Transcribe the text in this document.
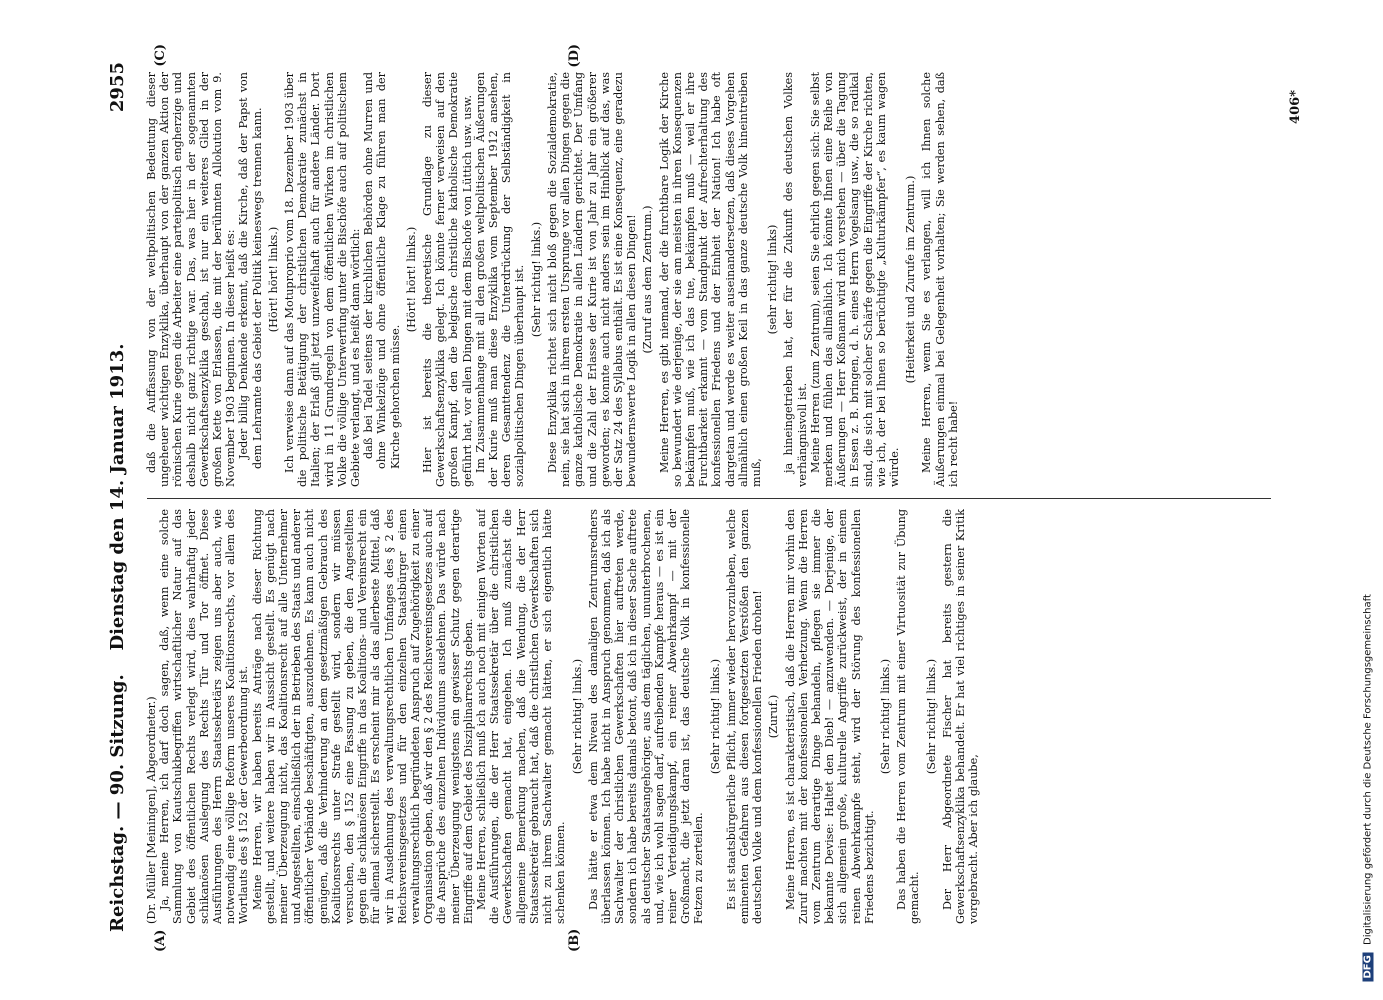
Reichstag. — 90. Sitzung.
Dienstag den 14. Januar 1913.
2955
(A)	(B)
(C)	(D)

(Dr. Müller [Meiningen], Abgeordneter.) Ja, meine Herren, ich darf doch sagen, daß, wenn eine solche Sammlung von Kautschukbegriffen wirtschaftlicher Natur auf das Gebiet des öffentlichen Rechts verlegt wird, dies wahrhaftig jeder schikanösen Auslegung des Rechts Tür und Tor öffnet. Diese Ausführungen des Herrn Staatssekretärs zeigen uns aber auch, wie notwendig eine völlige Reform unseres Koalitionsrechts, vor allem des Wortlauts des § 152 der Gewerbeordnung ist. Meine Herren, wir haben bereits Anträge nach dieser Richtung gestellt, und weitere haben wir in Aussicht gestellt. Es genügt nach meiner Überzeugung nicht, das Koalitionsrecht auf alle Unternehmer und Angestellten, einschließlich der in Betrieben des Staats und anderer öffentlicher Verbände beschäftigten, auszudehnen. Es kann auch nicht genügen, daß die Verhinderung an dem gesetzmäßigen Gebrauch des Koalitionsrechts unter Strafe gestellt wird, sondern wir müssen versuchen, den § 152 eine Fassung zu geben, die den Angestellten gegen die schikanösen Eingriffe in das Koalitions- und Vereinsrecht ein für allemal sicherstellt. Es erscheint mir als das allerbeste Mittel, daß wir in Ausdehnung des verwaltungsrechtlichen Umfanges des § 2 des Reichsvereinsgesetzes und für den einzelnen Staatsbürger einen verwaltungsrechtlich begründeten Anspruch auf Zugehörigkeit zu einer Organisation geben, daß wir den § 2 des Reichsvereinsgesetzes auch auf die Ansprüche des einzelnen Individuums ausdehnen. Das würde nach meiner Überzeugung wenigstens ein gewisser Schutz gegen derartige Eingriffe auf dem Gebiet des Disziplinarrechts geben. Meine Herren, schließlich muß ich auch noch mit einigen Worten auf die Ausführungen, die der Herr Staatssekretär über die christlichen Gewerkschaften gemacht hat, eingehen. Ich muß zunächst die allgemeine Bemerkung machen, daß die Wendung, die der Herr Staatssekretär gebraucht hat, daß die christlichen Gewerkschaften sich nicht zu ihrem Sachwalter gemacht hätten, er sich eigentlich hätte schenken können.

(Sehr richtig! links.) Das hätte er etwa dem Niveau des damaligen Zentrumsredners überlassen können. Ich habe nicht in Anspruch genommen, daß ich als Sachwalter der christlichen Gewerkschaften hier auftreten werde, sondern ich habe bereits damals betont, daß ich in dieser Sache auftrete als deutscher Staatsangehöriger, aus dem täglichen, ununterbrochenen, und, wie ich wohl sagen darf, aufreibenden Kampfe heraus — es ist ein reiner Verteidigungskampf, ein reiner Abwehrkampf — mit der Großmacht, die jetzt daran ist, das deutsche Volk in konfessionelle Fetzen zu zerteilen.

(Sehr richtig! links.) Es ist staatsbürgerliche Pflicht, immer wieder hervorzuheben, welche eminenten Gefahren aus diesen fortgesetzten Verstößen den ganzen deutschen Volke und dem konfessionellen Frieden drohen! (Zuruf.) Meine Herren, es ist charakteristisch, daß die Herren mir vorhin den Zuruf machten mit der konfessionellen Verhetzung. Wenn die Herren vom Zentrum derartige Dinge behandeln, pflegen sie immer die bekannte Devise: Haltet den Dieb! — anzuwenden. — Derjenige, der sich allgemein große, kulturelle Angriffe zurückweist, der in einem reinen Abwehrkampfe steht, wird der Störung des konfessionellen Friedens bezichtigt.

(Sehr richtig! links.) Das haben die Herren vom Zentrum mit einer Virtuosität zur Übung gemacht.

(Sehr richtig! links.) Der Herr Abgeordnete Fischer hat bereits gestern die Gewerkschaftsenzyklika behandelt. Er hat viel richtiges in seiner Kritik vorgebracht. Aber ich glaube,

daß die Auffassung von der weltpolitischen Bedeutung dieser ungeheuer wichtigen Enzyklika, überhaupt von der ganzen Aktion der römischen Kurie gegen die Arbeiter eine parteipolitisch engherzige und deshalb nicht ganz richtige war. Das, was hier in der sogenannten Gewerkschaftsenzyklika geschah, ist nur ein weiteres Glied in der großen Kette von Erlassen, die mit der berühmten Allokution vom 9. November 1903 beginnen. In dieser heißt es: Jeder billig Denkende erkennt, daß die Kirche, daß der Papst von dem Lehramte das Gebiet der Politik keineswegs trennen kann. (Hört! hört! links.) Ich verweise dann auf das Motuproprio vom 18. Dezember 1903 über die politische Betätigung der christlichen Demokratie zunächst in Italien; der Erlaß gilt jetzt unzweifelhaft auch für andere Länder. Dort wird in 11 Grundregeln von dem öffentlichen Wirken im christlichen Volke die völlige Unterwerfung unter die Bischöfe auch auf politischem Gebiete verlangt, und es heißt dann wörtlich: daß bei Tadel seitens der kirchlichen Behörden ohne Murren und ohne Winkelzüge und ohne öffentliche Klage zu führen man der Kirche gehorchen müsse.

(Hört! hört! links.) Hier ist bereits die theoretische Grundlage zu dieser Gewerkschaftsenzyklika gelegt. Ich könnte ferner verweisen auf den großen Kampf, den die belgische christliche katholische Demokratie geführt hat, vor allen Dingen mit dem Bischofe von Lüttich usw. usw. Im Zusammenhange mit all den großen weltpolitischen Äußerungen der Kurie muß man diese Enzyklika vom September 1912 ansehen, deren Gesamttendenz die Unterdrückung der Selbständigkeit in sozialpolitischen Dingen überhaupt ist. (Sehr richtig! links.) Diese Enzyklika richtet sich nicht bloß gegen die Sozialdemokratie, nein, sie hat sich in ihrem ersten Ursprunge vor allen Dingen gegen die ganze katholische Demokratie in allen Ländern gerichtet. Der Umfang und die Zahl der Erlasse der Kurie ist von Jahr zu Jahr ein größerer geworden; es konnte auch nicht anders sein im Hinblick auf das, was der Satz 24 des Syllabus enthält. Es ist eine Konsequenz, eine geradezu bewundernswerte Logik in allen diesen Dingen! (Zuruf aus dem Zentrum.) Meine Herren, es gibt niemand, der die furchtbare Logik der Kirche so bewundert wie derjenige, der sie am meisten in ihren Konsequenzen bekämpfen muß, wie ich das tue, bekämpfen muß — weil er ihre Furchtbarkeit erkannt — vom Standpunkt der Aufrechterhaltung des konfessionellen Friedens und der Einheit der Nation! Ich habe oft dargetan und werde es weiter auseinandersetzen, daß dieses Vorgehen allmählich einen großen Keil in das ganze deutsche Volk hineintreiben muß,

(sehr richtig! links) ja hineingetrieben hat, der für die Zukunft des deutschen Volkes verhängnisvoll ist. Meine Herren (zum Zentrum), seien Sie ehrlich gegen sich: Sie selbst merken und fühlen das allmählich. Ich könnte Ihnen eine Reihe von Äußerungen — Herr Koßmann wird mich verstehen — über die Tagung in Essen z. B. bringen, d. h. eines Herrn Vogelsang usw., die so radikal sind, die sich mit solcher Schärfe gegen die Eingriffe der Kirche richten, wie ich, der bei Ihnen so berüchtigte „Kulturkämpfer“, es kaum wagen würde.

(Heiterkeit und Zurufe im Zentrum.) Meine Herren, wenn Sie es verlangen, will ich Ihnen solche Äußerungen einmal bei Gelegenheit vorhalten; Sie werden sehen, daß ich recht habe!

406*
DFG Digitalisierung gefördert durch die Deutsche Forschungsgemeinschaft
